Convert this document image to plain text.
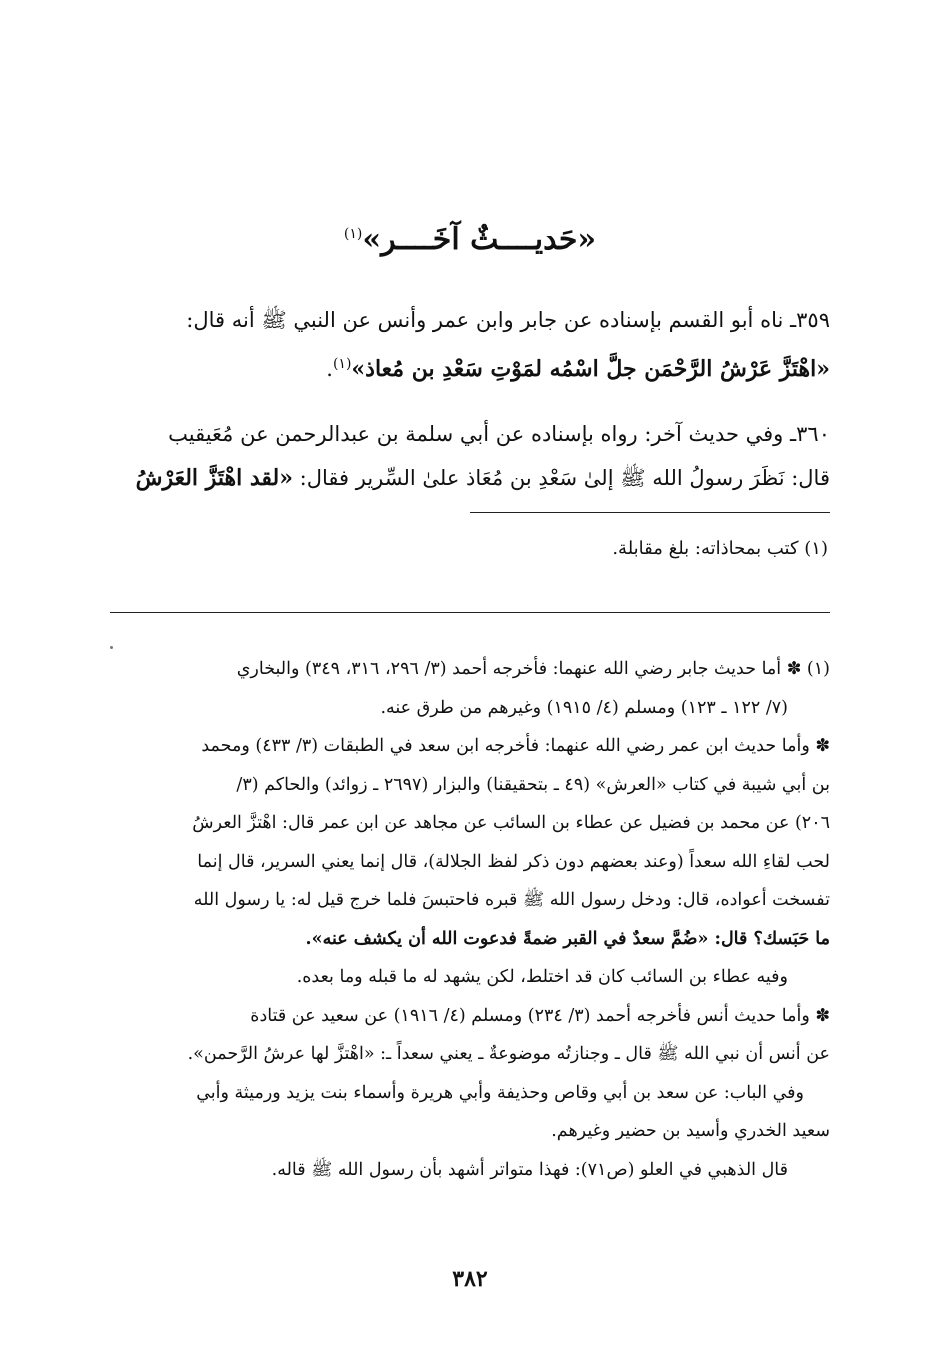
«حَديــــثٌ آخَــــر»$^{(١)}$
٣٥٩ـ ناه أبو القسم بإسناده عن جابر وابن عمر وأنس عن النبي ﷺ أنه قال:
«اهْتَزَّ عَرْشُ الرَّحْمَن جلَّ اسْمُه لمَوْتِ سَعْدِ بن مُعاذ»$^{(١)}$.
٣٦٠ـ وفي حديث آخر: رواه بإسناده عن أبي سلمة بن عبدالرحمن عن مُعَيقيب
قال: نَظَرَ رسولُ الله ﷺ إلىٰ سَعْدِ بن مُعَاذ علىٰ السِّرير فقال: «لقد اهْتَزَّ العَرْشُ
(١) كتب بمحاذاته: بلغ مقابلة.
(١) ✽ أما حديث جابر رضي الله عنهما: فأخرجه أحمد (٣/ ٢٩٦، ٣١٦، ٣٤٩) والبخاري
(٧/ ١٢٢ ـ ١٢٣) ومسلم (٤/ ١٩١٥) وغيرهم من طرق عنه.
✽ وأما حديث ابن عمر رضي الله عنهما: فأخرجه ابن سعد في الطبقات (٣/ ٤٣٣) ومحمد
بن أبي شيبة في كتاب «العرش» (٤٩ ـ بتحقيقنا) والبزار (٢٦٩٧ ـ زوائد) والحاكم (٣/
٢٠٦) عن محمد بن فضيل عن عطاء بن السائب عن مجاهد عن ابن عمر قال: اهْتزَّ العرشُ
لحب لقاءِ الله سعداً (وعند بعضهم دون ذكر لفظ الجلالة)، قال إنما يعني السرير، قال إنما
تفسخت أعواده، قال: ودخل رسول الله ﷺ قبره فاحتبسَ فلما خرج قيل له: يا رسول الله
ما حَبَسك؟ قال: «ضُمَّ سعدٌ في القبر ضمةً فدعوت الله أن يكشف عنه».
وفيه عطاء بن السائب كان قد اختلط، لكن يشهد له ما قبله وما بعده.
✽ وأما حديث أنس فأخرجه أحمد (٣/ ٢٣٤) ومسلم (٤/ ١٩١٦) عن سعيد عن قتادة
عن أنس أن نبي الله ﷺ قال ـ وجنازتُه موضوعةٌ ـ يعني سعداً ـ: «اهْتزَّ لها عرشُ الرَّحمن».
وفي الباب: عن سعد بن أبي وقاص وحذيفة وأبي هريرة وأسماء بنت يزيد ورميثة وأبي
سعيد الخدري وأسيد بن حضير وغيرهم.
قال الذهبي في العلو (ص٧١): فهذا متواتر أشهد بأن رسول الله ﷺ قاله.
٣٨٢
